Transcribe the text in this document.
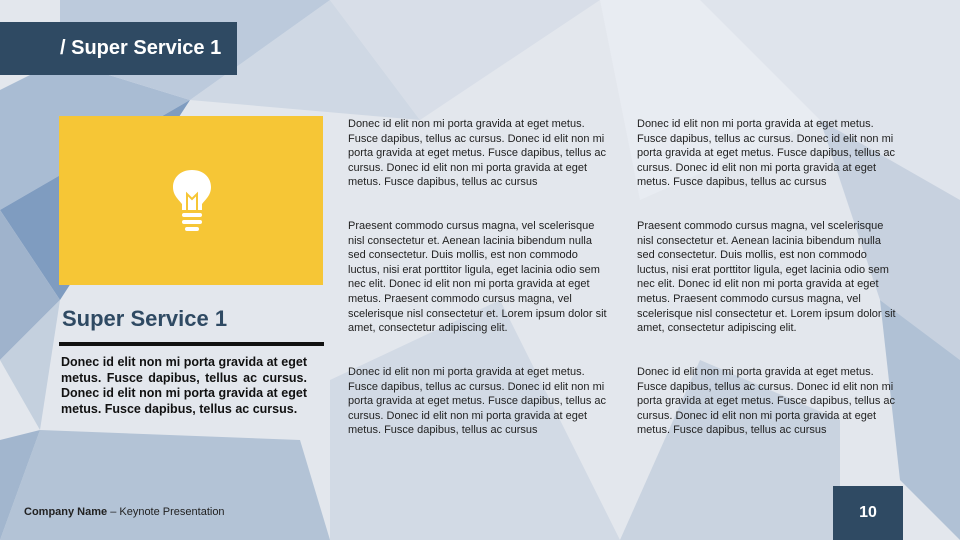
/ Super Service 1
Super Service 1

Donec id elit non mi porta gravida at eget metus. Fusce dapibus, tellus ac cursus. Donec id elit non mi porta gravida at eget metus. Fusce dapibus, tellus ac cursus.

Donec id elit non mi porta gravida at eget metus. Fusce dapibus, tellus ac cursus. Donec id elit non mi porta gravida at eget metus. Fusce dapibus, tellus ac cursus. Donec id elit non mi porta gravida at eget metus. Fusce dapibus, tellus ac cursus

Praesent commodo cursus magna, vel scelerisque nisl consectetur et. Aenean lacinia bibendum nulla sed consectetur. Duis mollis, est non commodo luctus, nisi erat porttitor ligula, eget lacinia odio sem nec elit. Donec id elit non mi porta gravida at eget metus. Praesent commodo cursus magna, vel scelerisque nisl consectetur et. Lorem ipsum dolor sit amet, consectetur adipiscing elit.

Donec id elit non mi porta gravida at eget metus. Fusce dapibus, tellus ac cursus. Donec id elit non mi porta gravida at eget metus. Fusce dapibus, tellus ac cursus. Donec id elit non mi porta gravida at eget metus. Fusce dapibus, tellus ac cursus

Donec id elit non mi porta gravida at eget metus. Fusce dapibus, tellus ac cursus. Donec id elit non mi porta gravida at eget metus. Fusce dapibus, tellus ac cursus. Donec id elit non mi porta gravida at eget metus. Fusce dapibus, tellus ac cursus

Praesent commodo cursus magna, vel scelerisque nisl consectetur et. Aenean lacinia bibendum nulla sed consectetur. Duis mollis, est non commodo luctus, nisi erat porttitor ligula, eget lacinia odio sem nec elit. Donec id elit non mi porta gravida at eget metus. Praesent commodo cursus magna, vel scelerisque nisl consectetur et. Lorem ipsum dolor sit amet, consectetur adipiscing elit.

Donec id elit non mi porta gravida at eget metus. Fusce dapibus, tellus ac cursus. Donec id elit non mi porta gravida at eget metus. Fusce dapibus, tellus ac cursus. Donec id elit non mi porta gravida at eget metus. Fusce dapibus, tellus ac cursus

Company Name – Keynote Presentation	10
